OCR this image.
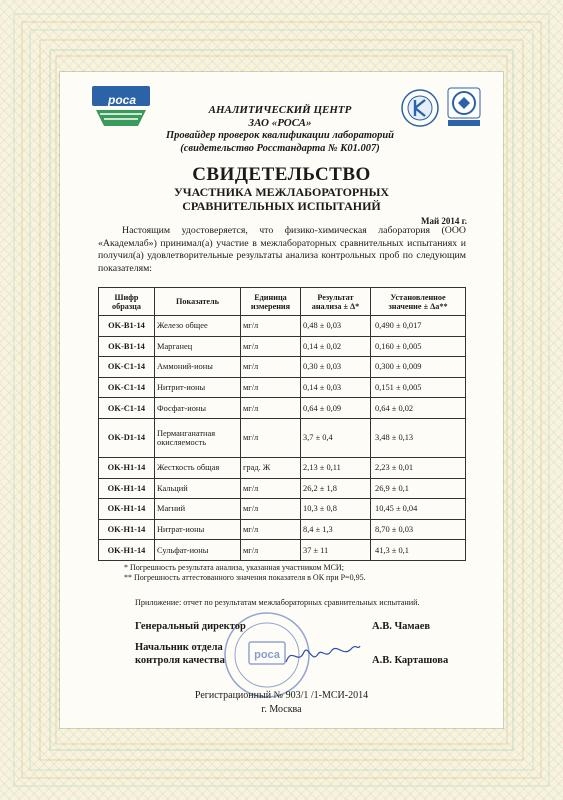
роса
АНАЛИТИЧЕСКИЙ ЦЕНТР
ЗАО «РОСА»
Провайдер проверок квалификации лабораторий
(свидетельство Росстандарта № К01.007)
СВИДЕТЕЛЬСТВО
УЧАСТНИКА МЕЖЛАБОРАТОРНЫХ
СРАВНИТЕЛЬНЫХ ИСПЫТАНИЙ
Май 2014 г.
Настоящим удостоверяется, что физико-химическая лаборатория (ООО «Академлаб») принимал(а) участие в межлабораторных сравнительных испытаниях и получил(а) удовлетворительные результаты анализа контрольных проб по следующим показателям:
Шифр образца	Показатель	Единица измерения	Результат анализа ± Δ*	Установленное значение ± Δa**
OK-B1-14	Железо общее	мг/л	0,48 ± 0,03	0,490 ± 0,017
OK-B1-14	Марганец	мг/л	0,14 ± 0,02	0,160 ± 0,005
OK-C1-14	Аммоний-ионы	мг/л	0,30 ± 0,03	0,300 ± 0,009
OK-C1-14	Нитрит-ионы	мг/л	0,14 ± 0,03	0,151 ± 0,005
OK-C1-14	Фосфат-ионы	мг/л	0,64 ± 0,09	0,64 ± 0,02
OK-D1-14	Перманганатная окисляемость	мг/л	3,7 ± 0,4	3,48 ± 0,13
OK-H1-14	Жесткость общая	град. Ж	2,13 ± 0,11	2,23 ± 0,01
OK-H1-14	Кальций	мг/л	26,2 ± 1,8	26,9 ± 0,1
OK-H1-14	Магний	мг/л	10,3 ± 0,8	10,45 ± 0,04
OK-H1-14	Нитрат-ионы	мг/л	8,4 ± 1,3	8,70 ± 0,03
OK-H1-14	Сульфат-ионы	мг/л	37 ± 11	41,3 ± 0,1
* Погрешность результата анализа, указанная участником МСИ;
** Погрешность аттестованного значения показателя в ОК при P=0,95.
Приложение: отчет по результатам межлабораторных сравнительных испытаний.
роса
Генеральный директор	А.В. Чамаев
Начальник отдела
контроля качества	А.В. Карташова
Регистрационный № 903/1 /1-МСИ-2014
г. Москва
